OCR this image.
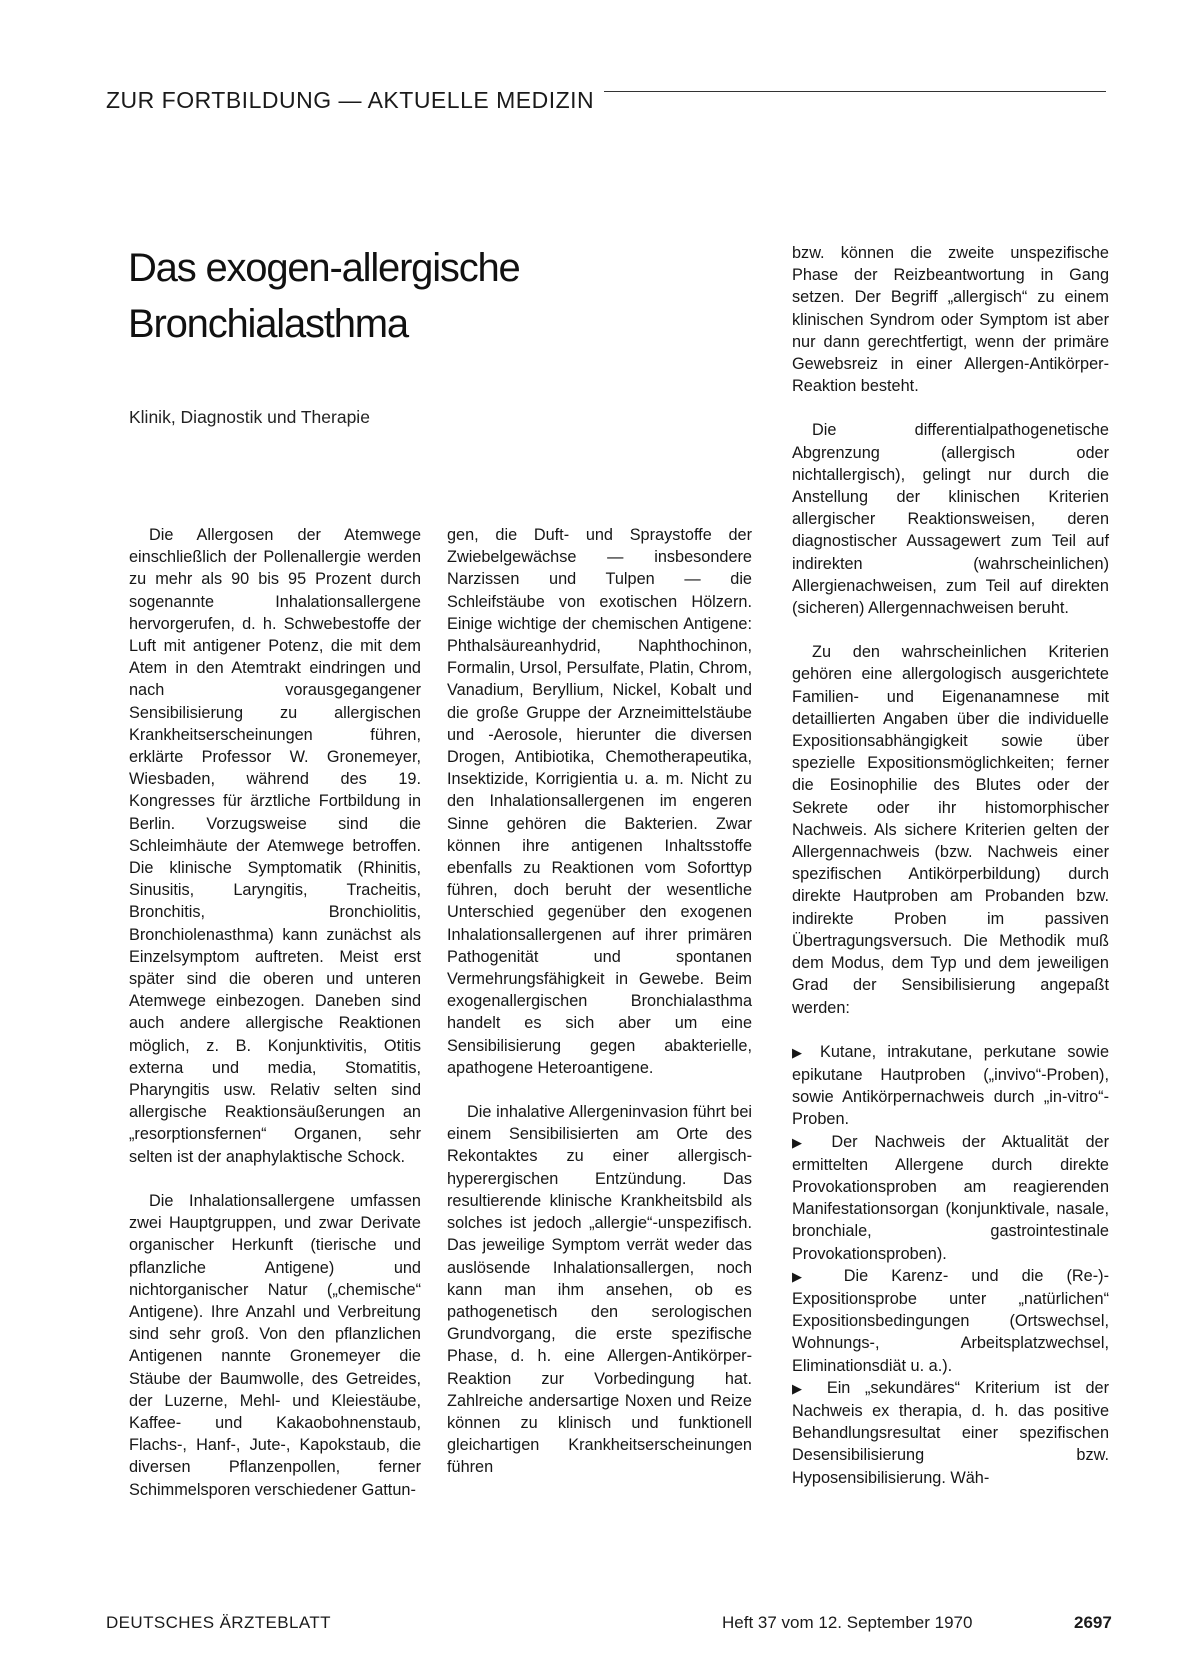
ZUR FORTBILDUNG — AKTUELLE MEDIZIN
Das exogen-allergische Bronchialasthma

Klinik, Diagnostik und Therapie

Die Allergosen der Atemwege einschließlich der Pollenallergie werden zu mehr als 90 bis 95 Prozent durch sogenannte Inhalationsallergene hervorgerufen, d. h. Schwebestoffe der Luft mit antigener Potenz, die mit dem Atem in den Atemtrakt eindringen und nach vorausgegangener Sensibilisierung zu allergischen Krankheitserscheinungen führen, erklärte Professor W. Gronemeyer, Wiesbaden, während des 19. Kongresses für ärztliche Fortbildung in Berlin. Vorzugsweise sind die Schleimhäute der Atemwege betroffen. Die klinische Symptomatik (Rhinitis, Sinusitis, Laryngitis, Tracheitis, Bronchitis, Bronchiolitis, Bronchiolenasthma) kann zunächst als Einzelsymptom auftreten. Meist erst später sind die oberen und unteren Atemwege einbezogen. Daneben sind auch andere allergische Reaktionen möglich, z. B. Konjunktivitis, Otitis externa und media, Stomatitis, Pharyngitis usw. Relativ selten sind allergische Reaktionsäußerungen an „resorptionsfernen“ Organen, sehr selten ist der anaphylaktische Schock.

Die Inhalationsallergene umfassen zwei Hauptgruppen, und zwar Derivate organischer Herkunft (tierische und pflanzliche Antigene) und nichtorganischer Natur („chemische“ Antigene). Ihre Anzahl und Verbreitung sind sehr groß. Von den pflanzlichen Antigenen nannte Gronemeyer die Stäube der Baumwolle, des Getreides, der Luzerne, Mehl- und Kleiestäube, Kaffee- und Kakaobohnenstaub, Flachs-, Hanf-, Jute-, Kapokstaub, die diversen Pflanzenpollen, ferner Schimmelsporen verschiedener Gattun-

gen, die Duft- und Spraystoffe der Zwiebelgewächse — insbesondere Narzissen und Tulpen — die Schleifstäube von exotischen Hölzern. Einige wichtige der chemischen Antigene: Phthalsäureanhydrid, Naphthochinon, Formalin, Ursol, Persulfate, Platin, Chrom, Vanadium, Beryllium, Nickel, Kobalt und die große Gruppe der Arzneimittelstäube und -Aerosole, hierunter die diversen Drogen, Antibiotika, Chemotherapeutika, Insektizide, Korrigientia u. a. m. Nicht zu den Inhalationsallergenen im engeren Sinne gehören die Bakterien. Zwar können ihre antigenen Inhaltsstoffe ebenfalls zu Reaktionen vom Soforttyp führen, doch beruht der wesentliche Unterschied gegenüber den exogenen Inhalationsallergenen auf ihrer primären Pathogenität und spontanen Vermehrungsfähigkeit in Gewebe. Beim exogenallergischen Bronchialasthma handelt es sich aber um eine Sensibilisierung gegen abakterielle, apathogene Heteroantigene.

Die inhalative Allergeninvasion führt bei einem Sensibilisierten am Orte des Rekontaktes zu einer allergisch-hyperergischen Entzündung. Das resultierende klinische Krankheitsbild als solches ist jedoch „allergie“-unspezifisch. Das jeweilige Symptom verrät weder das auslösende Inhalationsallergen, noch kann man ihm ansehen, ob es pathogenetisch den serologischen Grundvorgang, die erste spezifische Phase, d. h. eine Allergen-Antikörper-Reaktion zur Vorbedingung hat. Zahlreiche andersartige Noxen und Reize können zu klinisch und funktionell gleichartigen Krankheitserscheinungen führen

bzw. können die zweite unspezifische Phase der Reizbeantwortung in Gang setzen. Der Begriff „allergisch“ zu einem klinischen Syndrom oder Symptom ist aber nur dann gerechtfertigt, wenn der primäre Gewebsreiz in einer Allergen-Antikörper-Reaktion besteht.

Die differentialpathogenetische Abgrenzung (allergisch oder nichtallergisch), gelingt nur durch die Anstellung der klinischen Kriterien allergischer Reaktionsweisen, deren diagnostischer Aussagewert zum Teil auf indirekten (wahrscheinlichen) Allergienachweisen, zum Teil auf direkten (sicheren) Allergennachweisen beruht.

Zu den wahrscheinlichen Kriterien gehören eine allergologisch ausgerichtete Familien- und Eigenanamnese mit detaillierten Angaben über die individuelle Expositionsabhängigkeit sowie über spezielle Expositionsmöglichkeiten; ferner die Eosinophilie des Blutes oder der Sekrete oder ihr histomorphischer Nachweis. Als sichere Kriterien gelten der Allergennachweis (bzw. Nachweis einer spezifischen Antikörperbildung) durch direkte Hautproben am Probanden bzw. indirekte Proben im passiven Übertragungsversuch. Die Methodik muß dem Modus, dem Typ und dem jeweiligen Grad der Sensibilisierung angepaßt werden:

▶ Kutane, intrakutane, perkutane sowie epikutane Hautproben („invivo“-Proben), sowie Antikörpernachweis durch „in-vitro“-Proben.

▶ Der Nachweis der Aktualität der ermittelten Allergene durch direkte Provokationsproben am reagierenden Manifestationsorgan (konjunktivale, nasale, bronchiale, gastrointestinale Provokationsproben).

▶ Die Karenz- und die (Re-)-Expositionsprobe unter „natürlichen“ Expositionsbedingungen (Ortswechsel, Wohnungs-, Arbeitsplatzwechsel, Eliminationsdiät u. a.).

▶ Ein „sekundäres“ Kriterium ist der Nachweis ex therapia, d. h. das positive Behandlungsresultat einer spezifischen Desensibilisierung bzw. Hyposensibilisierung. Wäh-

DEUTSCHES ÄRZTEBLATT	Heft 37 vom 12. September 1970	2697
